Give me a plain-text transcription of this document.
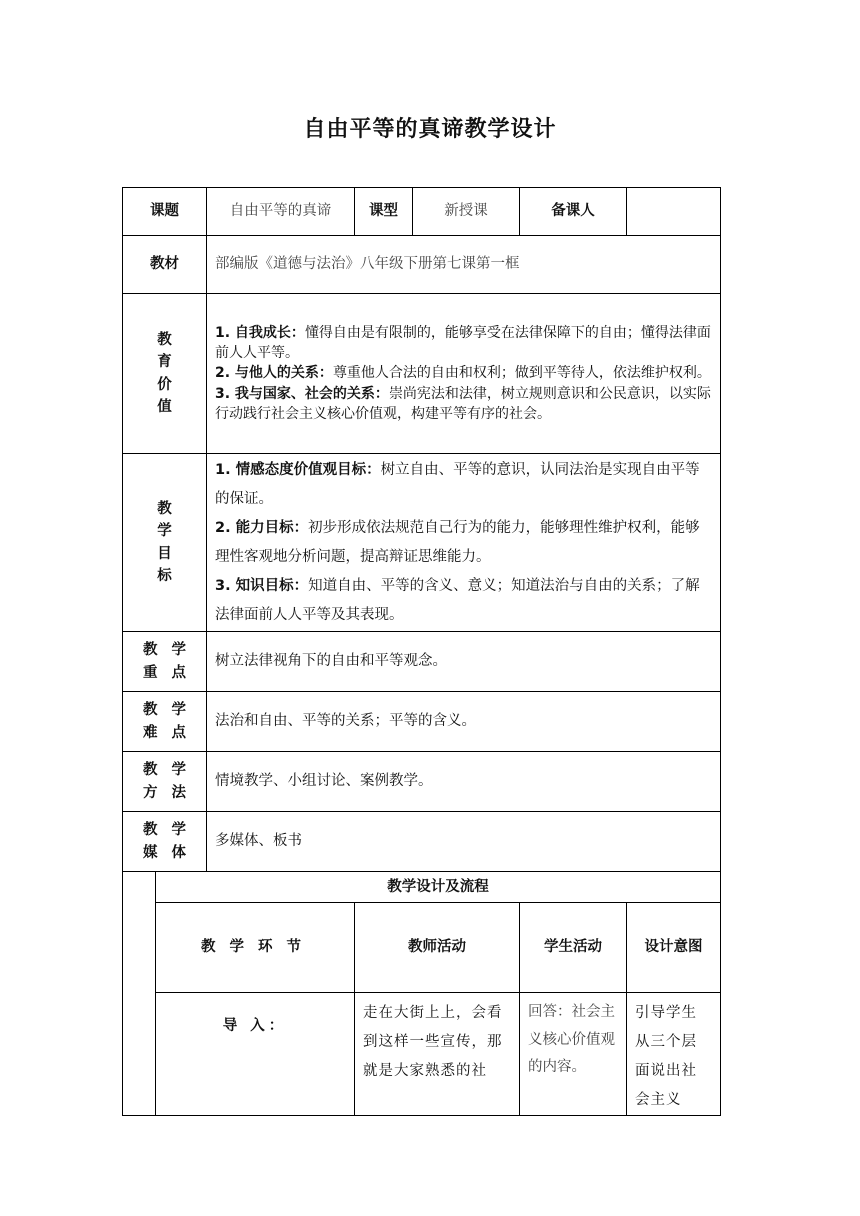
自由平等的真谛教学设计
课题		自由平等的真谛	课型	新授课	备课人	
教材		部编版《道德与法治》八年级下册第七课第一框				
教 育 价 值		1. 自我成长：懂得自由是有限制的，能够享受在法律保障下的自由；懂得法律面前人人平等。
2. 与他人的关系：尊重他人合法的自由和权利；做到平等待人，依法维护权利。
3. 我与国家、社会的关系：崇尚宪法和法律，树立规则意识和公民意识，以实际行动践行社会主义核心价值观，构建平等有序的社会。				

教 学 目 标		1. 情感态度价值观目标：树立自由、平等的意识，认同法治是实现自由平等的保证。
2. 能力目标：初步形成依法规范自己行为的能力，能够理性维护权利，能够理性客观地分析问题，提高辩证思维能力。
3. 知识目标：知道自由、平等的含义、意义；知道法治与自由的关系；了解法律面前人人平等及其表现。				

教学重点		树立法律视角下的自由和平等观念。				
教学难点		法治和自由、平等的关系；平等的含义。				
教学方法		情境教学、小组讨论、案例教学。				
教学媒体		多媒体、板书				
	教学设计及流程					
	教学环节		教师活动		学生活动	设计意图
	导 入：		走在大街上上，会看到这样一些宣传，那就是大家熟悉的社		回答：社会主义核心价值观的内容。	引导学生从三个层面说出社会主义
